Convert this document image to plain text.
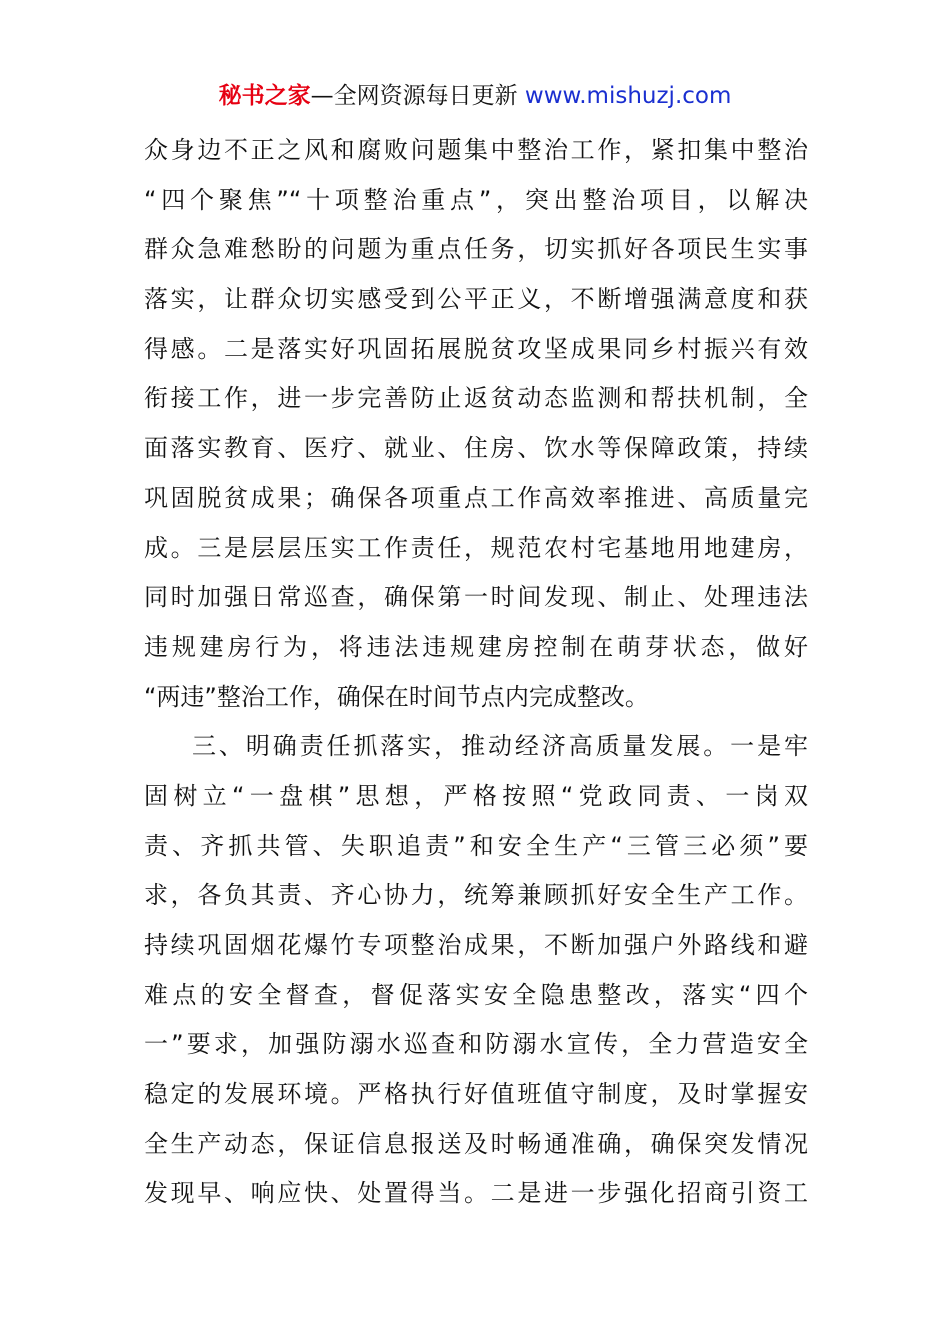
秘书之家—全网资源每日更新 www.mishuzj.com
众身边不正之风和腐败问题集中整治工作，紧扣集中整治
“四个聚焦”“十项整治重点”，突出整治项目，以解决
群众急难愁盼的问题为重点任务，切实抓好各项民生实事
落实，让群众切实感受到公平正义，不断增强满意度和获
得感。二是落实好巩固拓展脱贫攻坚成果同乡村振兴有效
衔接工作，进一步完善防止返贫动态监测和帮扶机制，全
面落实教育、医疗、就业、住房、饮水等保障政策，持续
巩固脱贫成果；确保各项重点工作高效率推进、高质量完
成。三是层层压实工作责任，规范农村宅基地用地建房，
同时加强日常巡查，确保第一时间发现、制止、处理违法
违规建房行为，将违法违规建房控制在萌芽状态，做好
“两违”整治工作，确保在时间节点内完成整改。
三、明确责任抓落实，推动经济高质量发展。一是牢
固树立“一盘棋”思想，严格按照“党政同责、一岗双
责、齐抓共管、失职追责”和安全生产“三管三必须”要
求，各负其责、齐心协力，统筹兼顾抓好安全生产工作。
持续巩固烟花爆竹专项整治成果，不断加强户外路线和避
难点的安全督查，督促落实安全隐患整改，落实“四个
一”要求，加强防溺水巡查和防溺水宣传，全力营造安全
稳定的发展环境。严格执行好值班值守制度，及时掌握安
全生产动态，保证信息报送及时畅通准确，确保突发情况
发现早、响应快、处置得当。二是进一步强化招商引资工
